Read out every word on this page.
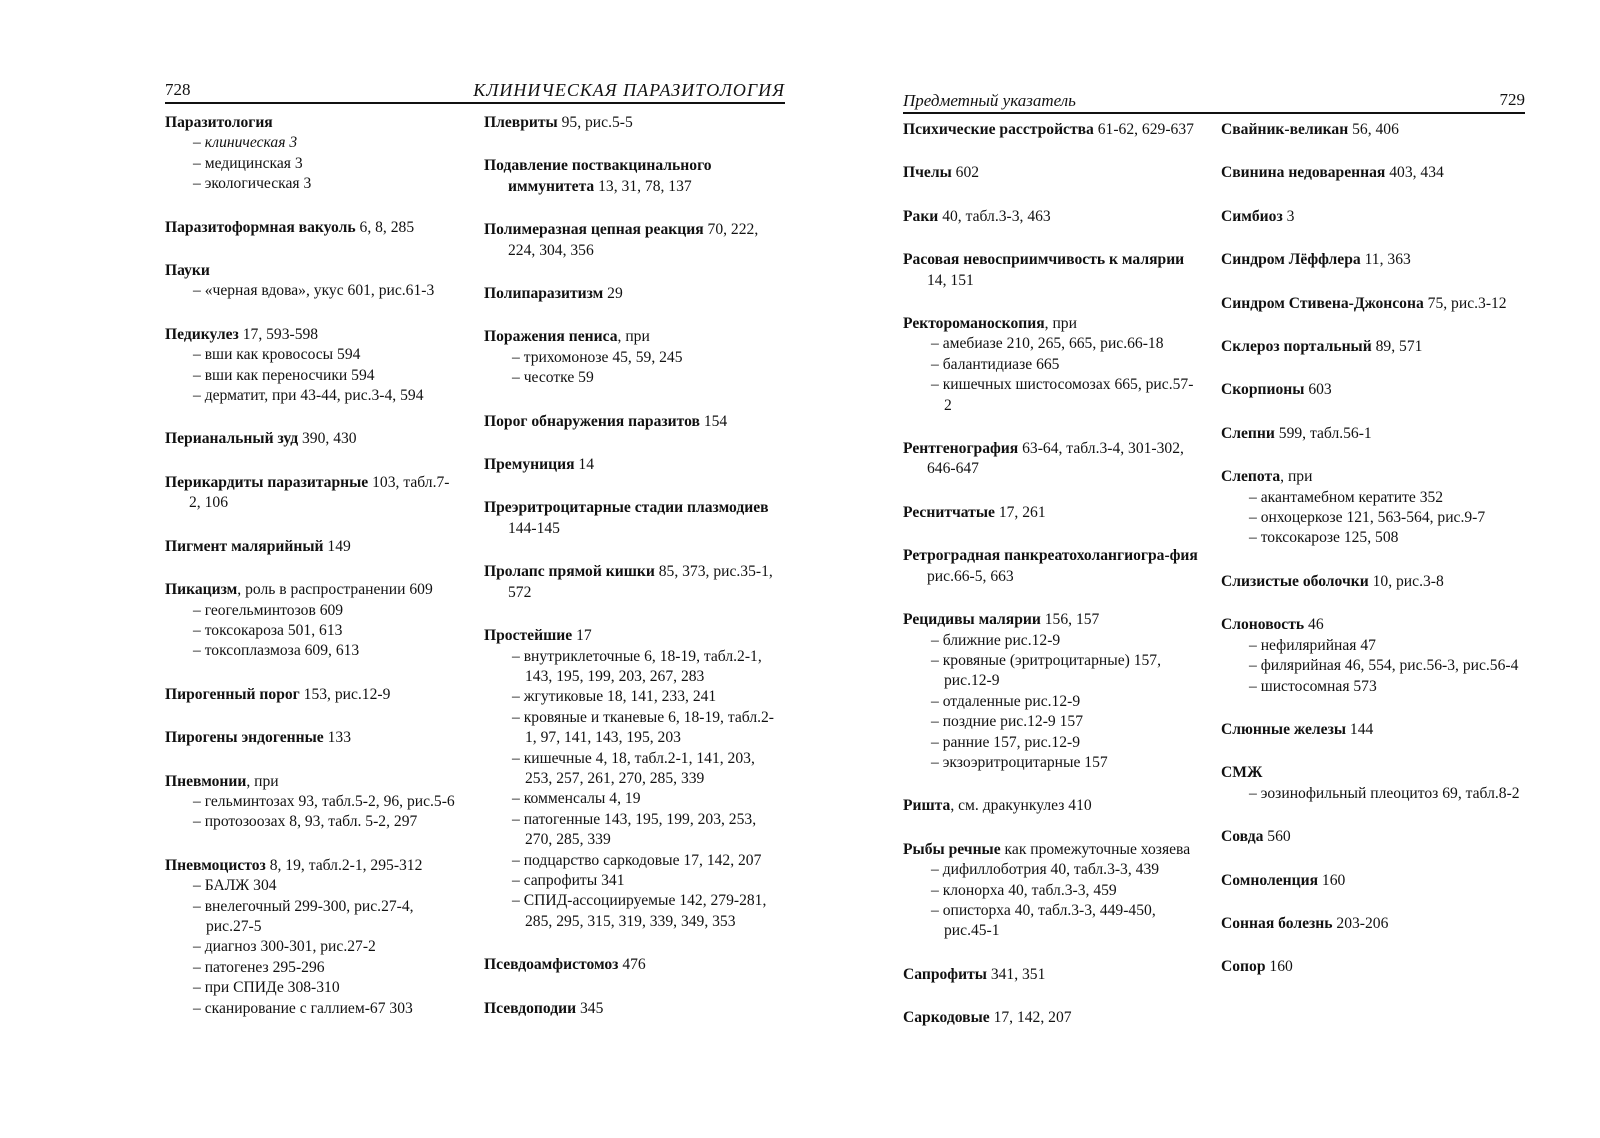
728	КЛИНИЧЕСКАЯ ПАРАЗИТОЛОГИЯ
Паразитология
– клиническая 3
– медицинская 3
– экологическая 3
Паразитоформная вакуоль 6, 8, 285
Пауки
– «черная вдова», укус 601, рис.61-3
Педикулез 17, 593-598
– вши как кровососы 594
– вши как переносчики 594
– дерматит, при 43-44, рис.3-4, 594
Перианальный зуд 390, 430
Перикардиты паразитарные 103, табл.7-2, 106
Пигмент малярийный 149
Пикацизм, роль в распространении 609
– геогельминтозов 609
– токсокароза 501, 613
– токсоплазмоза 609, 613
Пирогенный порог 153, рис.12-9
Пирогены эндогенные 133
Пневмонии, при
– гельминтозах 93, табл.5-2, 96, рис.5-6
– протозоозах 8, 93, табл. 5-2, 297
Пневмоцистоз 8, 19, табл.2-1, 295-312
– БАЛЖ 304
– внелегочный 299-300, рис.27-4, рис.27-5
– диагноз 300-301, рис.27-2
– патогенез 295-296
– при СПИДе 308-310
– сканирование с галлием-67 303
Плевриты 95, рис.5-5
Подавление поствакцинального иммунитета 13, 31, 78, 137
Полимеразная цепная реакция 70, 222, 224, 304, 356
Полипаразитизм 29
Поражения пениса, при
– трихомонозе 45, 59, 245
– чесотке 59
Порог обнаружения паразитов 154
Премуниция 14
Преэритроцитарные стадии плазмодиев 144-145
Пролапс прямой кишки 85, 373, рис.35-1, 572
Простейшие 17
– внутриклеточные 6, 18-19, табл.2-1, 143, 195, 199, 203, 267, 283
– жгутиковые 18, 141, 233, 241
– кровяные и тканевые 6, 18-19, табл.2-1, 97, 141, 143, 195, 203
– кишечные 4, 18, табл.2-1, 141, 203, 253, 257, 261, 270, 285, 339
– комменсалы 4, 19
– патогенные 143, 195, 199, 203, 253, 270, 285, 339
– подцарство саркодовые 17, 142, 207
– сапрофиты 341
– СПИД-ассоциируемые 142, 279-281, 285, 295, 315, 319, 339, 349, 353
Псевдоамфистомоз 476
Псевдоподии 345
Предметный указатель	729
Психические расстройства 61-62, 629-637
Пчелы 602
Раки 40, табл.3-3, 463
Расовая невосприимчивость к малярии 14, 151
Ректороманоскопия, при
– амебиазе 210, 265, 665, рис.66-18
– балантидиазе 665
– кишечных шистосомозах 665, рис.57-2
Рентгенография 63-64, табл.3-4, 301-302, 646-647
Реснитчатые 17, 261
Ретроградная панкреатохолангиогра-фия рис.66-5, 663
Рецидивы малярии 156, 157
– ближние рис.12-9
– кровяные (эритроцитарные) 157, рис.12-9
– отдаленные рис.12-9
– поздние рис.12-9 157
– ранние 157, рис.12-9
– экзоэритроцитарные 157
Ришта, см. дракункулез 410
Рыбы речные как промежуточные хозяева
– дифиллоботрия 40, табл.3-3, 439
– клонорха 40, табл.3-3, 459
– описторха 40, табл.3-3, 449-450, рис.45-1
Сапрофиты 341, 351
Саркодовые 17, 142, 207
Свайник-великан 56, 406
Свинина недоваренная 403, 434
Симбиоз 3
Синдром Лёффлера 11, 363
Синдром Стивена-Джонсона 75, рис.3-12
Склероз портальный 89, 571
Скорпионы 603
Слепни 599, табл.56-1
Слепота, при
– акантамебном кератите 352
– онхоцеркозе 121, 563-564, рис.9-7
– токсокарозе 125, 508
Слизистые оболочки 10, рис.3-8
Слоновость 46
– нефилярийная 47
– филярийная 46, 554, рис.56-3, рис.56-4
– шистосомная 573
Слюнные железы 144
СМЖ
– эозинофильный плеоцитоз 69, табл.8-2
Совда 560
Сомноленция 160
Сонная болезнь 203-206
Сопор 160
